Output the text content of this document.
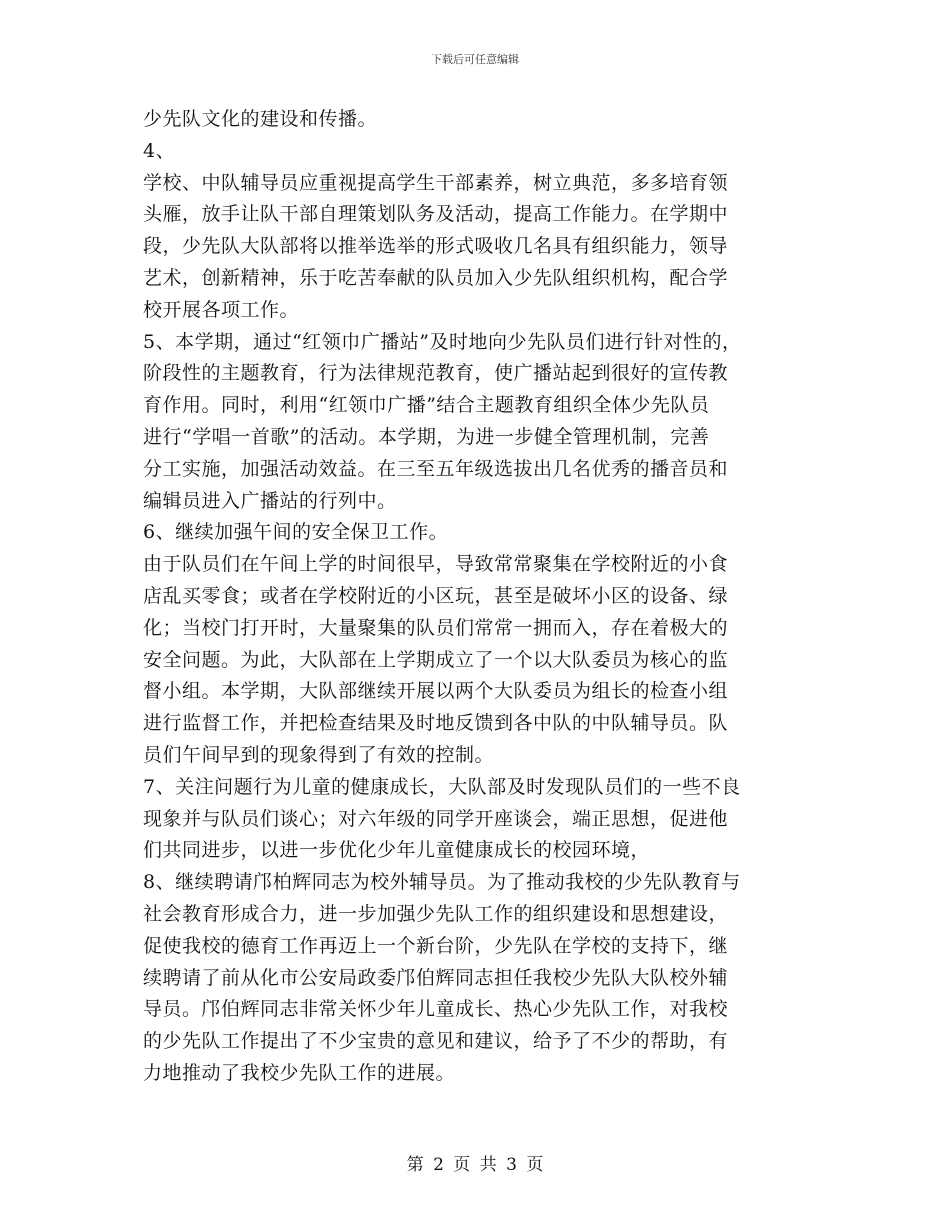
下载后可任意编辑
少先队文化的建设和传播。
4、
学校、中队辅导员应重视提高学生干部素养，树立典范，多多培育领
头雁，放手让队干部自理策划队务及活动，提高工作能力。在学期中
段，少先队大队部将以推举选举的形式吸收几名具有组织能力，领导
艺术，创新精神，乐于吃苦奉献的队员加入少先队组织机构，配合学
校开展各项工作。
5、本学期，通过“红领巾广播站”及时地向少先队员们进行针对性的，
阶段性的主题教育，行为法律规范教育，使广播站起到很好的宣传教
育作用。同时，利用“红领巾广播”结合主题教育组织全体少先队员
进行“学唱一首歌”的活动。本学期，为进一步健全管理机制，完善
分工实施，加强活动效益。在三至五年级选拔出几名优秀的播音员和
编辑员进入广播站的行列中。
6、继续加强午间的安全保卫工作。
由于队员们在午间上学的时间很早，导致常常聚集在学校附近的小食
店乱买零食；或者在学校附近的小区玩，甚至是破坏小区的设备、绿
化；当校门打开时，大量聚集的队员们常常一拥而入，存在着极大的
安全问题。为此，大队部在上学期成立了一个以大队委员为核心的监
督小组。本学期，大队部继续开展以两个大队委员为组长的检查小组
进行监督工作，并把检查结果及时地反馈到各中队的中队辅导员。队
员们午间早到的现象得到了有效的控制。
7、关注问题行为儿童的健康成长，大队部及时发现队员们的一些不良
现象并与队员们谈心；对六年级的同学开座谈会，端正思想，促进他
们共同进步，以进一步优化少年儿童健康成长的校园环境，
8、继续聘请邝柏辉同志为校外辅导员。为了推动我校的少先队教育与
社会教育形成合力，进一步加强少先队工作的组织建设和思想建设，
促使我校的德育工作再迈上一个新台阶，少先队在学校的支持下，继
续聘请了前从化市公安局政委邝伯辉同志担任我校少先队大队校外辅
导员。邝伯辉同志非常关怀少年儿童成长、热心少先队工作，对我校
的少先队工作提出了不少宝贵的意见和建议，给予了不少的帮助，有
力地推动了我校少先队工作的进展。
第 2 页 共 3 页
